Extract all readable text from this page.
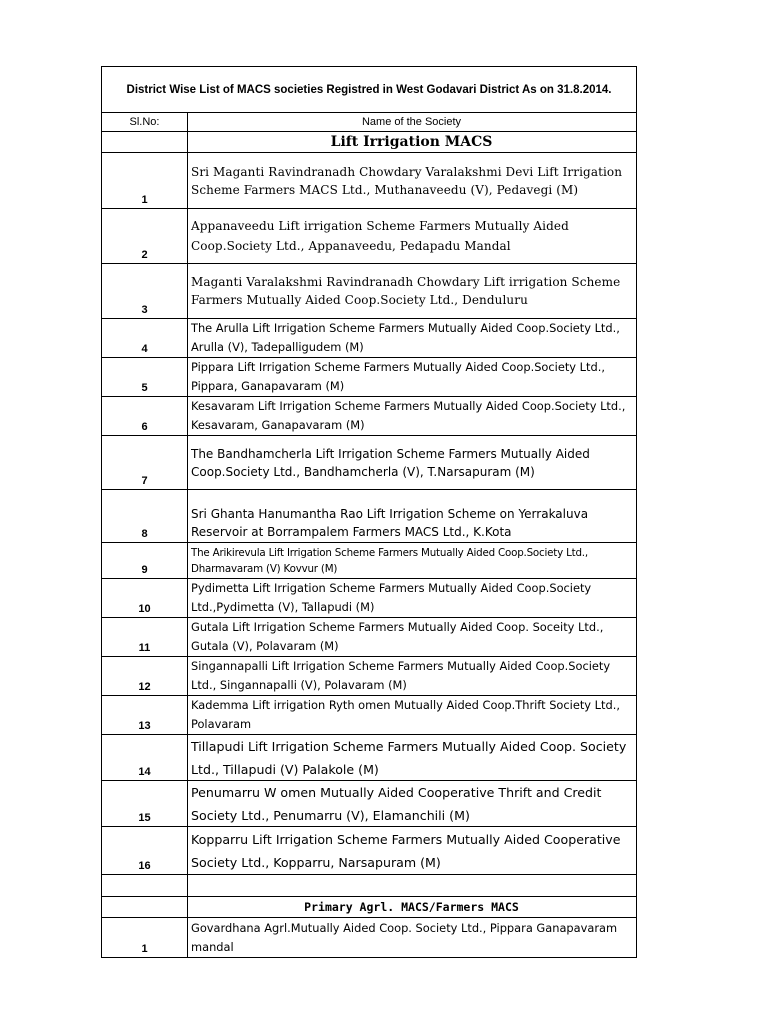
District Wise List of MACS societies Registred in West Godavari District As on 31.8.2014.
Sl.No:	Name of the Society
Lift Irrigation MACS
1
Sri Maganti Ravindranadh Chowdary Varalakshmi Devi Lift Irrigation Scheme Farmers MACS Ltd., Muthanaveedu (V), Pedavegi (M)
2
Appanaveedu Lift irrigation Scheme Farmers Mutually Aided Coop.Society Ltd., Appanaveedu, Pedapadu Mandal
3
Maganti Varalakshmi Ravindranadh Chowdary Lift irrigation Scheme Farmers Mutually Aided Coop.Society Ltd., Denduluru
4
The Arulla Lift Irrigation Scheme Farmers Mutually Aided Coop.Society Ltd., Arulla (V), Tadepalligudem (M)
5
Pippara Lift Irrigation Scheme Farmers Mutually Aided Coop.Society Ltd., Pippara, Ganapavaram (M)
6
Kesavaram Lift Irrigation Scheme Farmers Mutually Aided Coop.Society Ltd., Kesavaram, Ganapavaram (M)
7
The Bandhamcherla Lift Irrigation Scheme Farmers Mutually Aided Coop.Society Ltd., Bandhamcherla (V), T.Narsapuram (M)
8
Sri Ghanta Hanumantha Rao Lift Irrigation Scheme on Yerrakaluva Reservoir at Borrampalem Farmers MACS Ltd., K.Kota
9
The Arikirevula Lift Irrigation Scheme Farmers Mutually Aided Coop.Society Ltd., Dharmavaram (V) Kovvur (M)
10
Pydimetta Lift Irrigation Scheme Farmers Mutually Aided Coop.Society Ltd.,Pydimetta (V), Tallapudi (M)
11
Gutala Lift Irrigation Scheme Farmers Mutually Aided Coop. Soceity Ltd., Gutala (V), Polavaram (M)
12
Singannapalli Lift Irrigation Scheme Farmers Mutually Aided Coop.Society Ltd., Singannapalli (V), Polavaram (M)
13
Kademma Lift irrigation Ryth omen Mutually Aided Coop.Thrift Society Ltd., Polavaram
14
Tillapudi Lift Irrigation Scheme Farmers Mutually Aided Coop. Society Ltd., Tillapudi (V) Palakole (M)
15
Penumarru W omen Mutually Aided Cooperative Thrift and Credit Society Ltd., Penumarru (V), Elamanchili (M)
16
Kopparru Lift Irrigation Scheme Farmers Mutually Aided Cooperative Society Ltd., Kopparru, Narsapuram (M)
Primary Agrl. MACS/Farmers MACS
1
Govardhana Agrl.Mutually Aided Coop. Society Ltd., Pippara Ganapavaram mandal
